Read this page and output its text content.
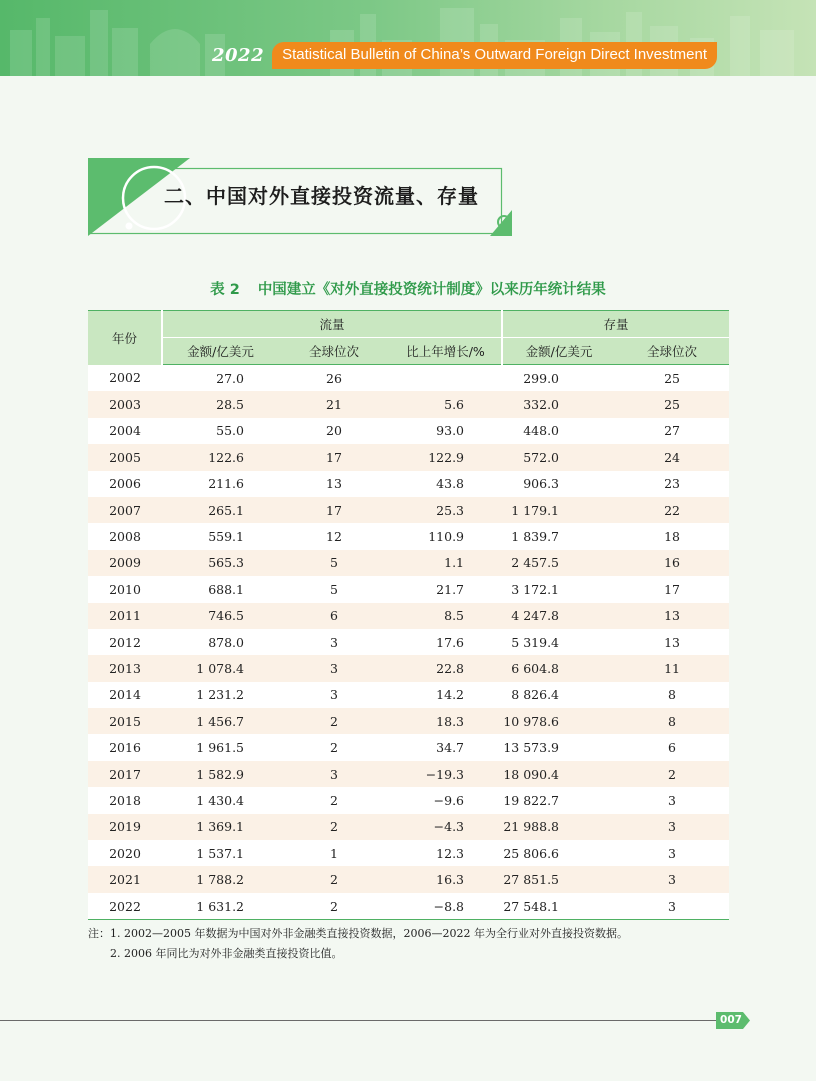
2022	Statistical Bulletin of China’s Outward Foreign Direct Investment
二、中国对外直接投资流量、存量
表 2 中国建立《对外直接投资统计制度》以来历年统计结果
年份	流量			存量	
	金额/亿美元	全球位次	比上年增长/%	金额/亿美元	全球位次
2002	27.0	26		299.0	25
2003	28.5	21	5.6	332.0	25
2004	55.0	20	93.0	448.0	27
2005	122.6	17	122.9	572.0	24
2006	211.6	13	43.8	906.3	23
2007	265.1	17	25.3	1 179.1	22
2008	559.1	12	110.9	1 839.7	18
2009	565.3	5	1.1	2 457.5	16
2010	688.1	5	21.7	3 172.1	17
2011	746.5	6	8.5	4 247.8	13
2012	878.0	3	17.6	5 319.4	13
2013	1 078.4	3	22.8	6 604.8	11
2014	1 231.2	3	14.2	8 826.4	8
2015	1 456.7	2	18.3	10 978.6	8
2016	1 961.5	2	34.7	13 573.9	6
2017	1 582.9	3	−19.3	18 090.4	2
2018	1 430.4	2	−9.6	19 822.7	3
2019	1 369.1	2	−4.3	21 988.8	3
2020	1 537.1	1	12.3	25 806.6	3
2021	1 788.2	2	16.3	27 851.5	3
2022	1 631.2	2	−8.8	27 548.1	3
注：1. 2002—2005 年数据为中国对外非金融类直接投资数据，2006—2022 年为全行业对外直接投资数据。
2. 2006 年同比为对外非金融类直接投资比值。
007
